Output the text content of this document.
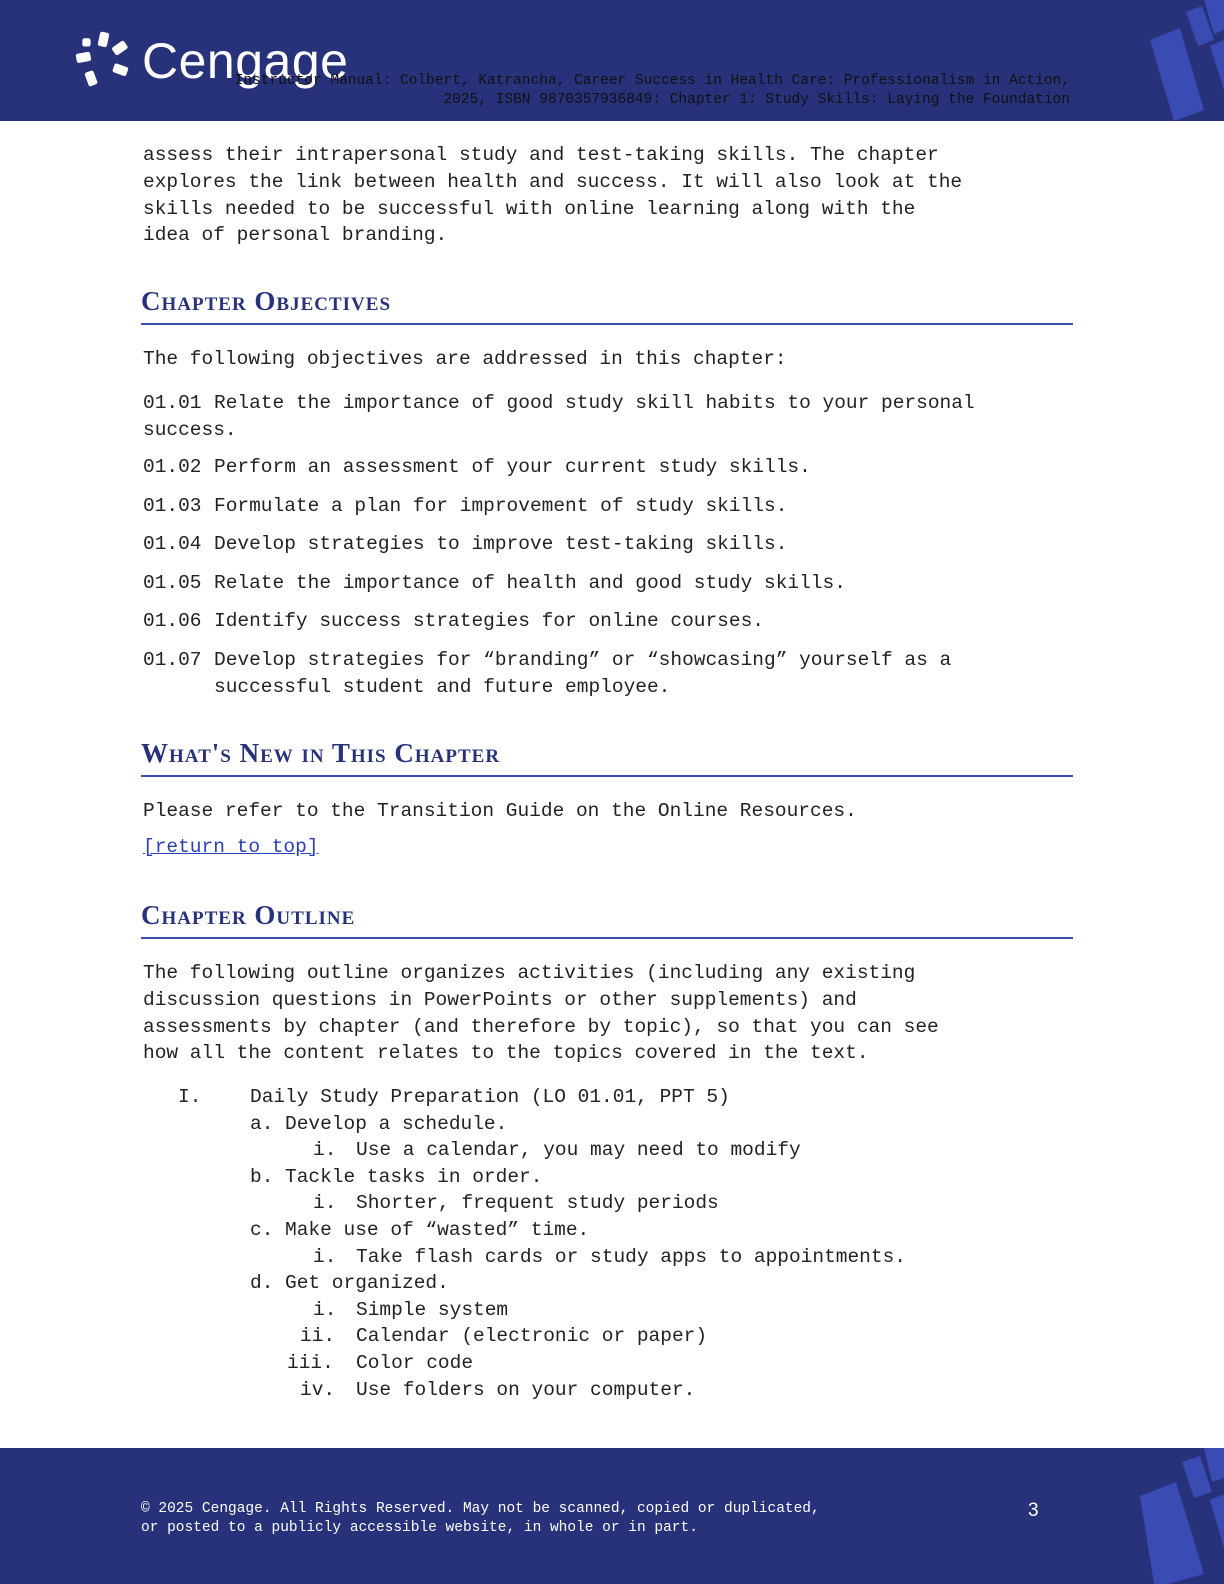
Cengage
Instructor Manual: Colbert, Katrancha, Career Success in Health Care: Professionalism in Action,
2025, ISBN 9870357936849: Chapter 1: Study Skills: Laying the Foundation

assess their intrapersonal study and test-taking skills. The chapter
explores the link between health and success. It will also look at the
skills needed to be successful with online learning along with the
idea of personal branding.

Chapter Objectives

The following objectives are addressed in this chapter:

01.01 Relate the importance of good study skill habits to your personal
success.
01.02 Perform an assessment of your current study skills.
01.03 Formulate a plan for improvement of study skills.
01.04 Develop strategies to improve test-taking skills.
01.05 Relate the importance of health and good study skills.
01.06 Identify success strategies for online courses.
01.07 Develop strategies for “branding” or “showcasing” yourself as a
successful student and future employee.
What's New in This Chapter

Please refer to the Transition Guide on the Online Resources.

[return to top]
Chapter Outline

The following outline organizes activities (including any existing
discussion questions in PowerPoints or other supplements) and
assessments by chapter (and therefore by topic), so that you can see
how all the content relates to the topics covered in the text.

I. Daily Study Preparation (LO 01.01, PPT 5)
a. Develop a schedule.
i. Use a calendar, you may need to modify
b. Tackle tasks in order.
i. Shorter, frequent study periods
c. Make use of “wasted” time.
i. Take flash cards or study apps to appointments.
d. Get organized.
i. Simple system
ii. Calendar (electronic or paper)
iii. Color code
iv. Use folders on your computer.
© 2025 Cengage. All Rights Reserved. May not be scanned, copied or duplicated, or posted to a publicly accessible website, in whole or in part.
3
